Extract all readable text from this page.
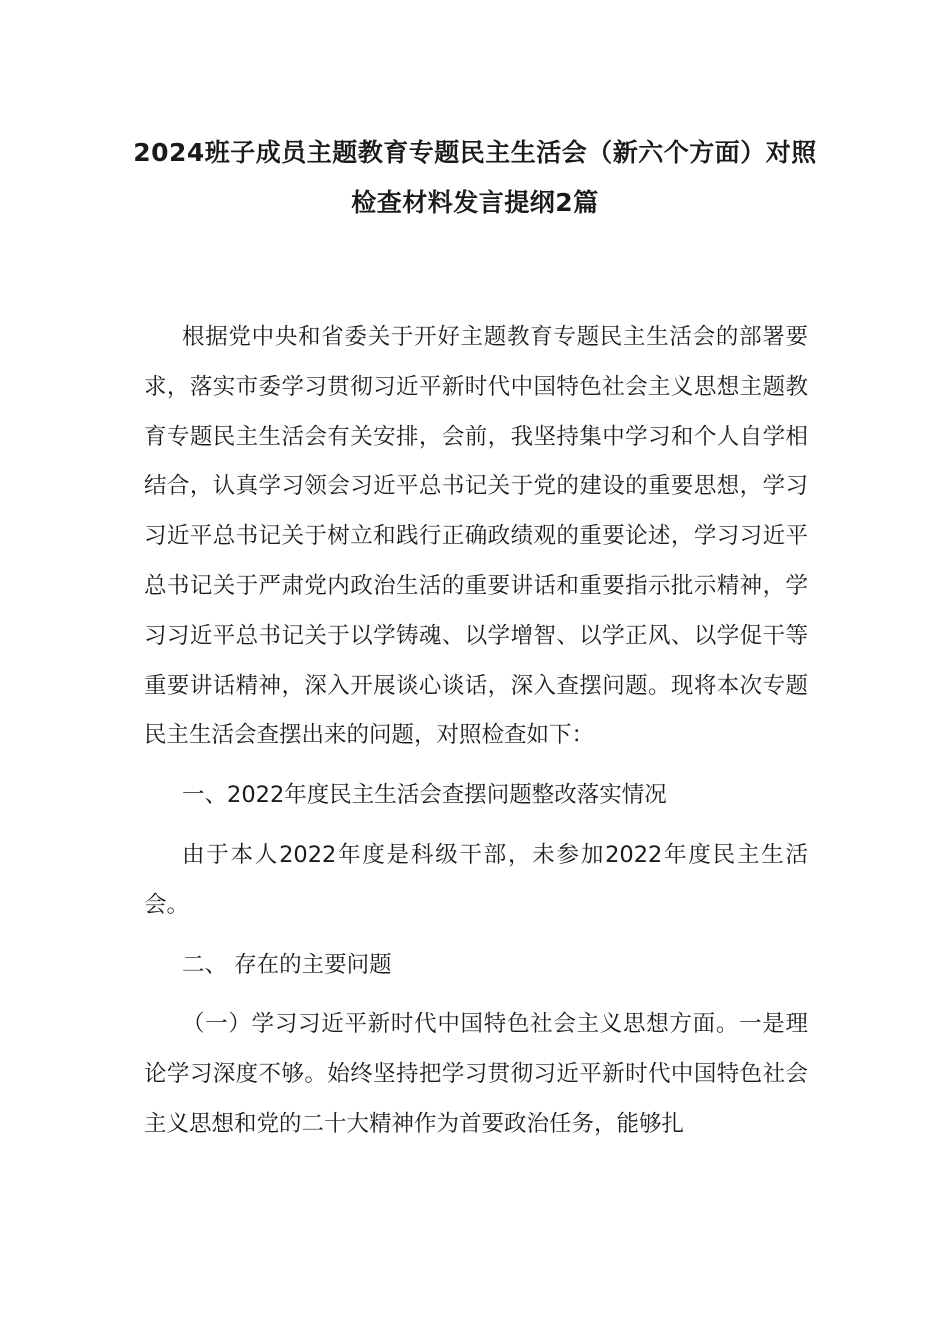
2024班子成员主题教育专题民主生活会（新六个方面）对照检查材料发言提纲2篇

根据党中央和省委关于开好主题教育专题民主生活会的部署要求，落实市委学习贯彻习近平新时代中国特色社会主义思想主题教育专题民主生活会有关安排，会前，我坚持集中学习和个人自学相结合，认真学习领会习近平总书记关于党的建设的重要思想，学习习近平总书记关于树立和践行正确政绩观的重要论述，学习习近平总书记关于严肃党内政治生活的重要讲话和重要指示批示精神，学习习近平总书记关于以学铸魂、以学增智、以学正风、以学促干等重要讲话精神，深入开展谈心谈话，深入查摆问题。现将本次专题民主生活会查摆出来的问题，对照检查如下：

一、2022年度民主生活会查摆问题整改落实情况

由于本人2022年度是科级干部，未参加2022年度民主生活会。

二、 存在的主要问题

（一）学习习近平新时代中国特色社会主义思想方面。一是理论学习深度不够。始终坚持把学习贯彻习近平新时代中国特色社会主义思想和党的二十大精神作为首要政治任务，能够扎
